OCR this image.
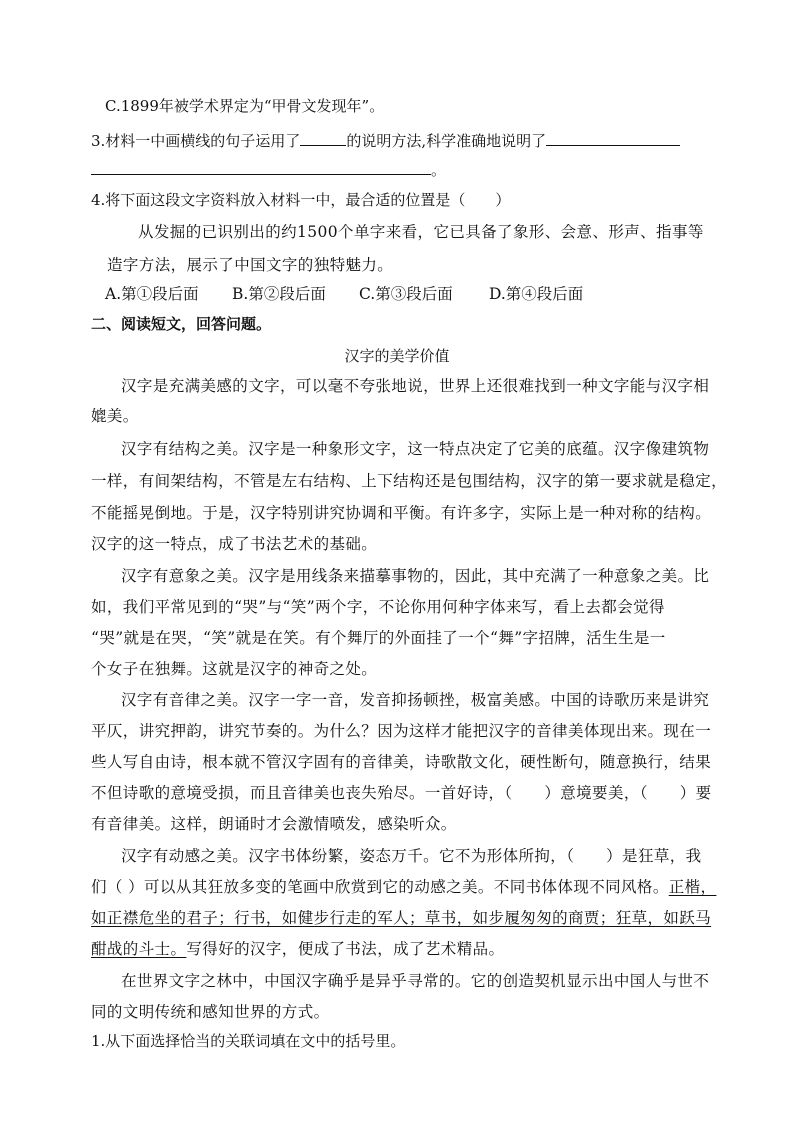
C.1899年被学术界定为“甲骨文发现年”。
3.材料一中画横线的句子运用了	的说明方法,科学准确地说明了
。
4.将下面这段文字资料放入材料一中，最合适的位置是（　　）
从发掘的已识别出的约1500个单字来看，它已具备了象形、会意、形声、指事等
造字方法，展示了中国文字的独特魅力。
A.第①段后面 B.第②段后面 C.第③段后面 D.第④段后面
二、阅读短文，回答问题。
汉字的美学价值
汉字是充满美感的文字，可以毫不夸张地说，世界上还很难找到一种文字能与汉字相
媲美。
汉字有结构之美。汉字是一种象形文字，这一特点决定了它美的底蕴。汉字像建筑物
一样，有间架结构，不管是左右结构、上下结构还是包围结构，汉字的第一要求就是稳定，
不能摇晃倒地。于是，汉字特别讲究协调和平衡。有许多字，实际上是一种对称的结构。
汉字的这一特点，成了书法艺术的基础。
汉字有意象之美。汉字是用线条来描摹事物的，因此，其中充满了一种意象之美。比
如，我们平常见到的“哭”与“笑”两个字，不论你用何种字体来写，看上去都会觉得
“哭”就是在哭，“笑”就是在笑。有个舞厅的外面挂了一个“舞”字招牌，活生生是一
个女子在独舞。这就是汉字的神奇之处。
汉字有音律之美。汉字一字一音，发音抑扬顿挫，极富美感。中国的诗歌历来是讲究
平仄，讲究押韵，讲究节奏的。为什么？因为这样才能把汉字的音律美体现出来。现在一
些人写自由诗，根本就不管汉字固有的音律美，诗歌散文化，硬性断句，随意换行，结果
不但诗歌的意境受损，而且音律美也丧失殆尽。一首好诗，（　　）意境要美，（　　）要
有音律美。这样，朗诵时才会激情喷发，感染听众。
汉字有动感之美。汉字书体纷繁，姿态万千。它不为形体所拘，（　　）是狂草，我
们（ ）可以从其狂放多变的笔画中欣赏到它的动感之美。不同书体体现不同风格。正楷，
如正襟危坐的君子；行书，如健步行走的军人；草书，如步履匆匆的商贾；狂草，如跃马
酣战的斗士。写得好的汉字，便成了书法，成了艺术精品。
在世界文字之林中，中国汉字确乎是异乎寻常的。它的创造契机显示出中国人与世不
同的文明传统和感知世界的方式。
1.从下面选择恰当的关联词填在文中的括号里。
